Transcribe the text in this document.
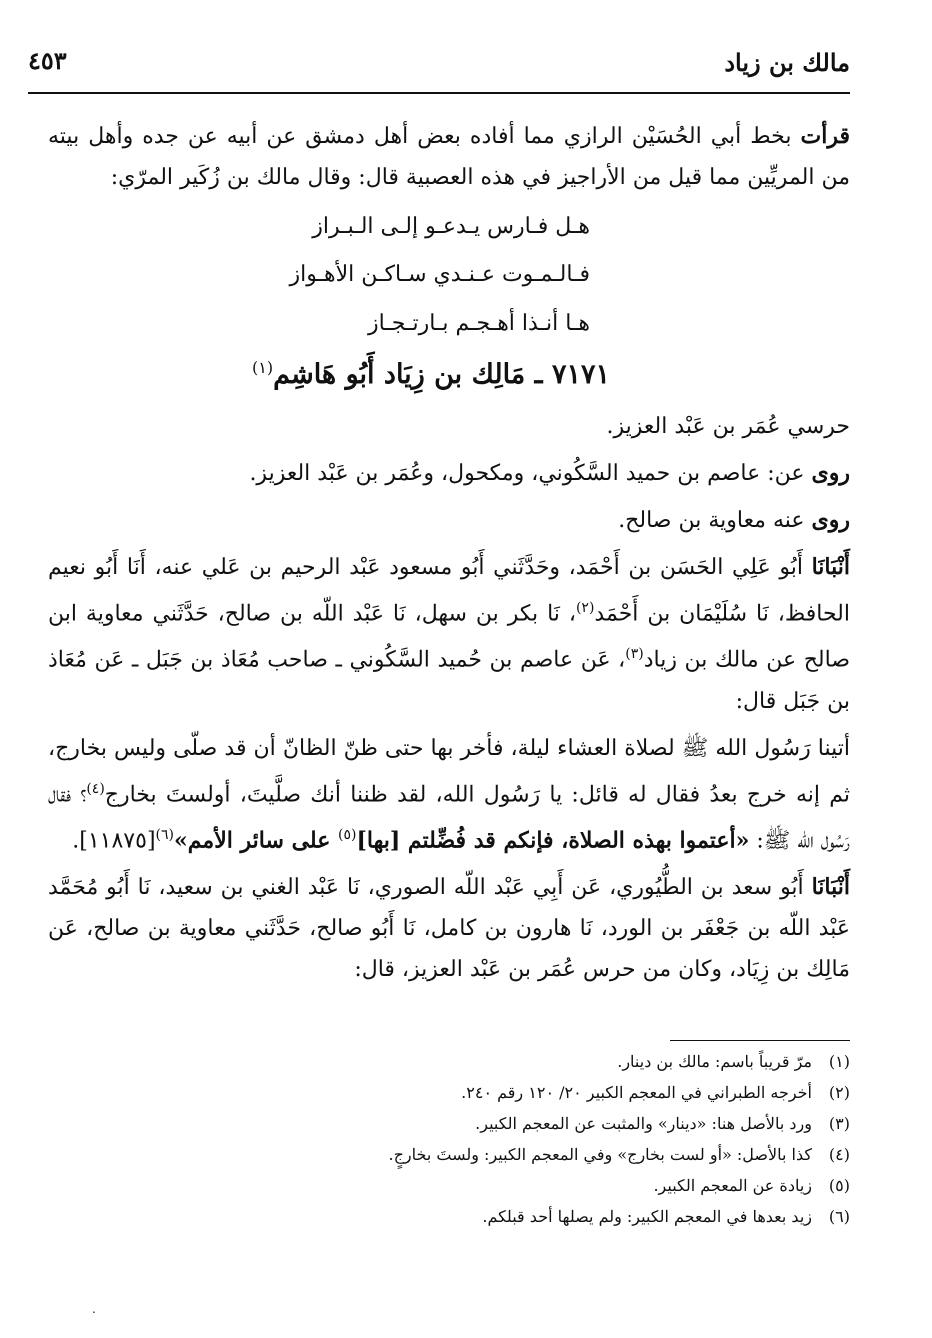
مالك بن زياد
٤٥٣

قرأت بخط أبي الحُسَيْن الرازي مما أفاده بعض أهل دمشق عن أبيه عن جده وأهل بيته من المريِّين مما قيل من الأراجيز في هذه العصبية قال: وقال مالك بن زُكَير المرّي:

هـل فـارس يـدعـو إلـى الـبـراز
فـالـمـوت عـنـدي سـاكـن الأهـواز
هـا أنـذا أهـجـم بـارتـجـاز
٧١٧١ ـ مَالِك بن زِيَاد أَبُو هَاشِم$^{(١)}$

حرسي عُمَر بن عَبْد العزيز.

روى عن: عاصم بن حميد السَّكُوني، ومكحول، وعُمَر بن عَبْد العزيز.

روى عنه معاوية بن صالح.

أَنْبَانَا أَبُو عَلِي الحَسَن بن أَحْمَد، وحَدَّثَني أَبُو مسعود عَبْد الرحيم بن عَلي عنه، أَنَا أَبُو نعيم الحافظ، نَا سُلَيْمَان بن أَحْمَد$^{(٢)}$، نَا بكر بن سهل، نَا عَبْد اللّه بن صالح، حَدَّثَني معاوية ابن صالح عن مالك بن زياد$^{(٣)}$، عَن عاصم بن حُميد السَّكُوني ـ صاحب مُعَاذ بن جَبَل ـ عَن مُعَاذ بن جَبَل قال:

أتينا رَسُول الله ﷺ لصلاة العشاء ليلة، فأخر بها حتى ظنّ الظانّ أن قد صلّى وليس بخارج، ثم إنه خرج بعدُ فقال له قائل: يا رَسُول الله، لقد ظننا أنك صلَّيتَ، أولستَ بخارج$^{(٤)}$؟ فقال رَسُول الله ﷺ: «أعتموا بهذه الصلاة، فإنكم قد فُضِّلتم [بها]$^{(٥)}$ على سائر الأمم»$^{(٦)}$[١١٨٧٥].

أَنْبَانَا أَبُو سعد بن الطُّيُوري، عَن أَبِي عَبْد اللّه الصوري، نَا عَبْد الغني بن سعيد، نَا أَبُو مُحَمَّد عَبْد اللّه بن جَعْفَر بن الورد، نَا هارون بن كامل، نَا أَبُو صالح، حَدَّثَني معاوية بن صالح، عَن مَالِك بن زِيَاد، وكان من حرس عُمَر بن عَبْد العزيز، قال:

(١)
مرّ قريباً باسم: مالك بن دينار.
(٢)
أخرجه الطبراني في المعجم الكبير ٢٠/ ١٢٠ رقم ٢٤٠.
(٣)
ورد بالأصل هنا: «دينار» والمثبت عن المعجم الكبير.
(٤)
كذا بالأصل: «أو لست بخارج» وفي المعجم الكبير: ولستَ بخارجٍ.
(٥)
زيادة عن المعجم الكبير.
(٦)
زيد بعدها في المعجم الكبير: ولم يصلها أحد قبلكم.
.
